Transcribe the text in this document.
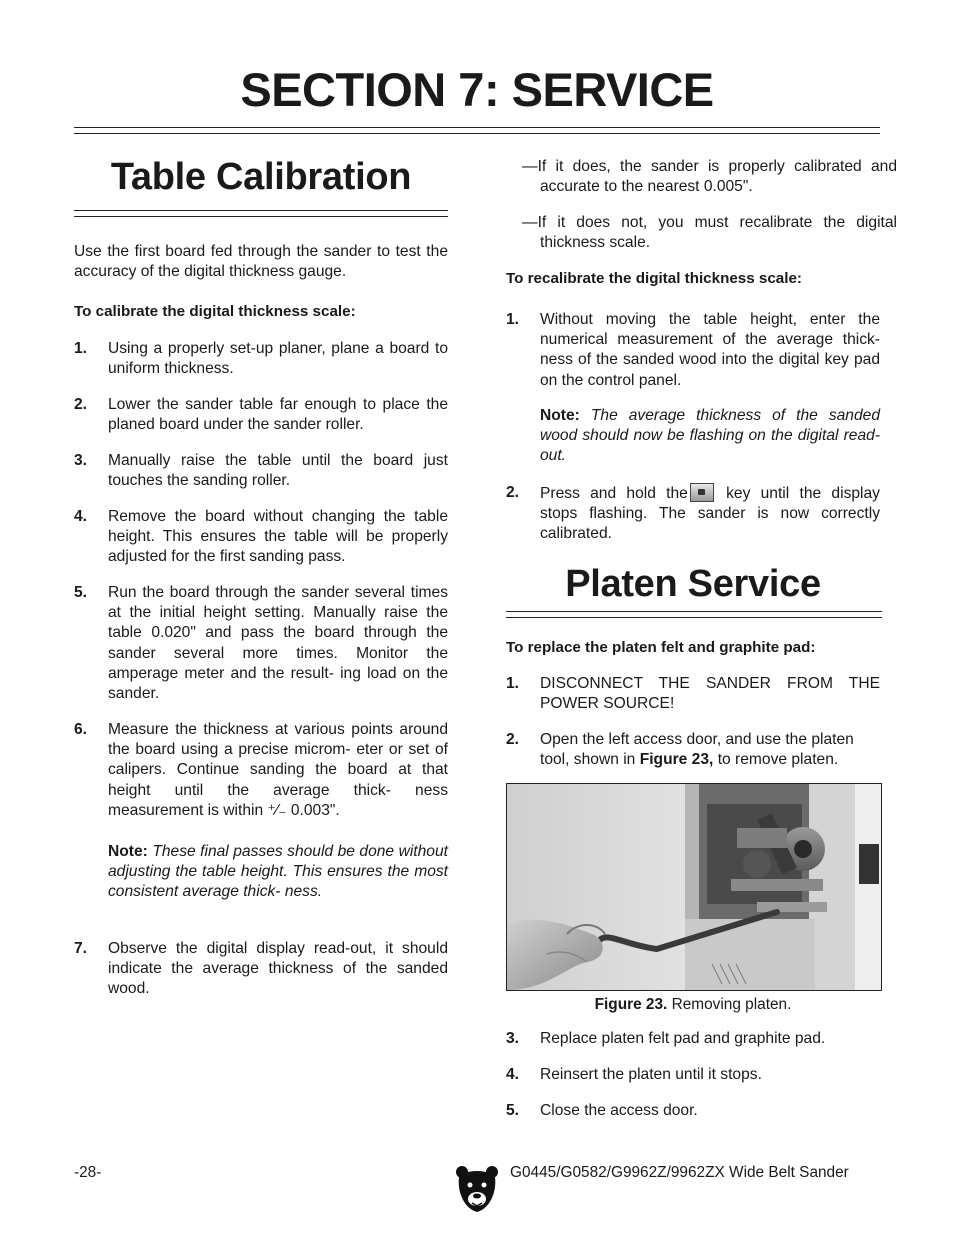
SECTION 7: SERVICE
Table Calibration
Use the first board fed through the sander to test the accuracy of the digital thickness gauge.
To calibrate the digital thickness scale:
1.	Using a properly set-up planer, plane a board to uniform thickness.
2.	Lower the sander table far enough to place the planed board under the sander roller.
3.	Manually raise the table until the board just touches the sanding roller.
4.	Remove the board without changing the table height. This ensures the table will be properly adjusted for the first sanding pass.
5.	Run the board through the sander several times at the initial height setting. Manually raise the table 0.020" and pass the board through the sander several more times. Monitor the amperage meter and the result- ing load on the sander.
6.	Measure the thickness at various points around the board using a precise microm- eter or set of calipers. Continue sanding the board at that height until the average thick- ness measurement is within ⁺⁄₋ 0.003".
Note: These final passes should be done without adjusting the table height. This ensures the most consistent average thick- ness.
7.	Observe the digital display read-out, it should indicate the average thickness of the sanded wood.
—If it does, the sander is properly calibrated and accurate to the nearest 0.005".
—If it does not, you must recalibrate the digital thickness scale.
To recalibrate the digital thickness scale:
1.	Without moving the table height, enter the numerical measurement of the average thick- ness of the sanded wood into the digital key pad on the control panel.
Note: The average thickness of the sanded wood should now be flashing on the digital read-out.
2.	Press and hold the key until the display stops flashing. The sander is now correctly calibrated.
Platen Service
To replace the platen felt and graphite pad:
1.	DISCONNECT THE SANDER FROM THE POWER SOURCE!
2.	Open the left access door, and use the platen tool, shown in Figure 23, to remove platen.
Figure 23. Removing platen.
3.	Replace platen felt pad and graphite pad.
4.	Reinsert the platen until it stops.
5.	Close the access door.
-28-	G0445/G0582/G9962Z/9962ZX Wide Belt Sander
